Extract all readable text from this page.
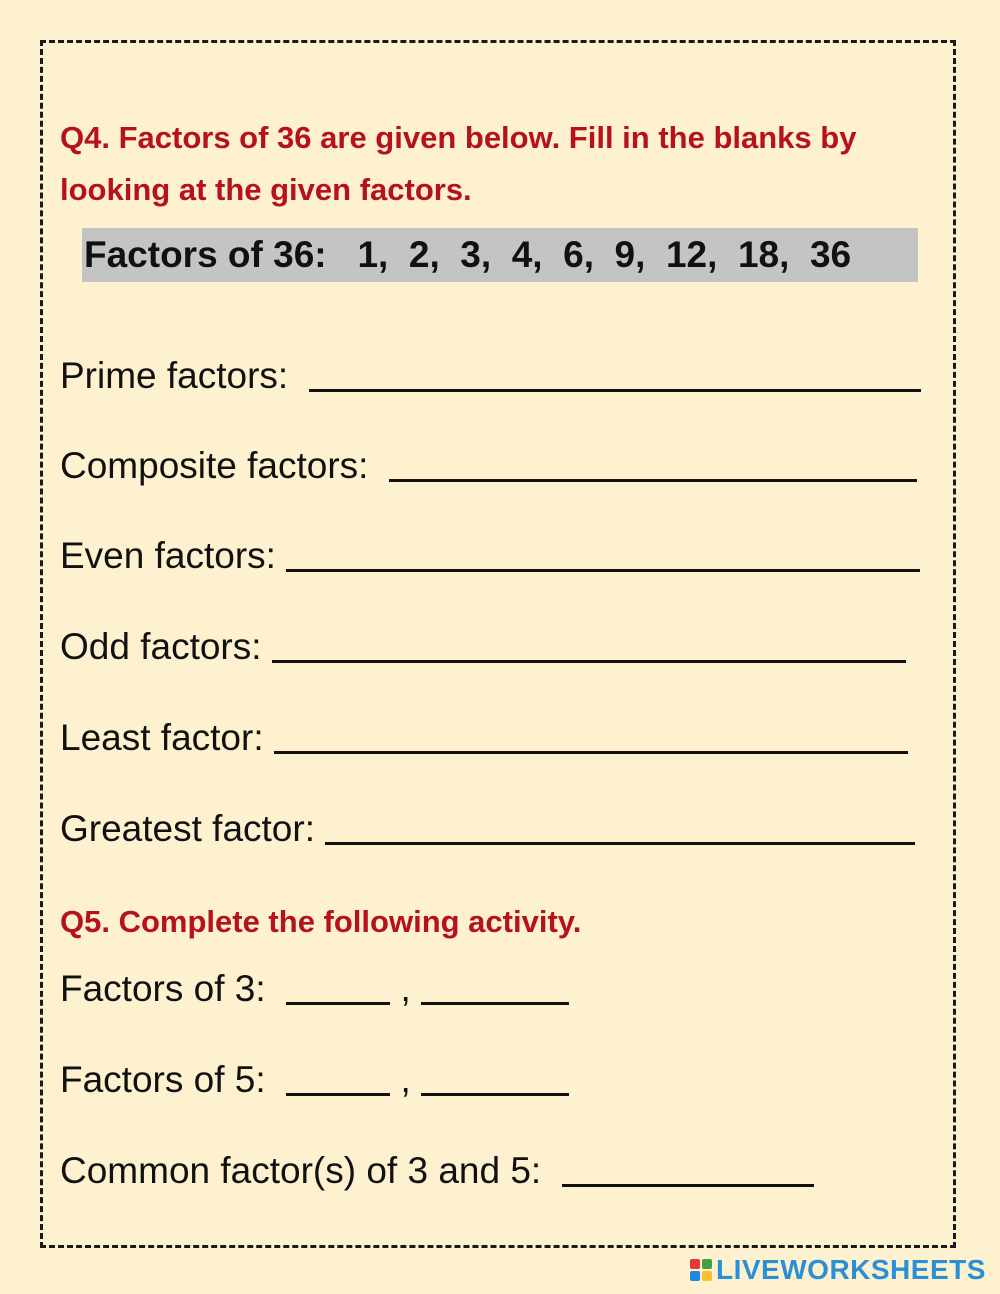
Q4. Factors of 36 are given below. Fill in the blanks by looking at the given factors.

Factors of 36:   1,  2,  3,  4,  6,  9,  12,  18,  36
Prime factors:
Composite factors:
Even factors:
Odd factors:
Least factor:
Greatest factor:

Q5. Complete the following activity.

Factors of 3:	,
Factors of 5:	,
Common factor(s) of 3 and 5:
LIVEWORKSHEETS
